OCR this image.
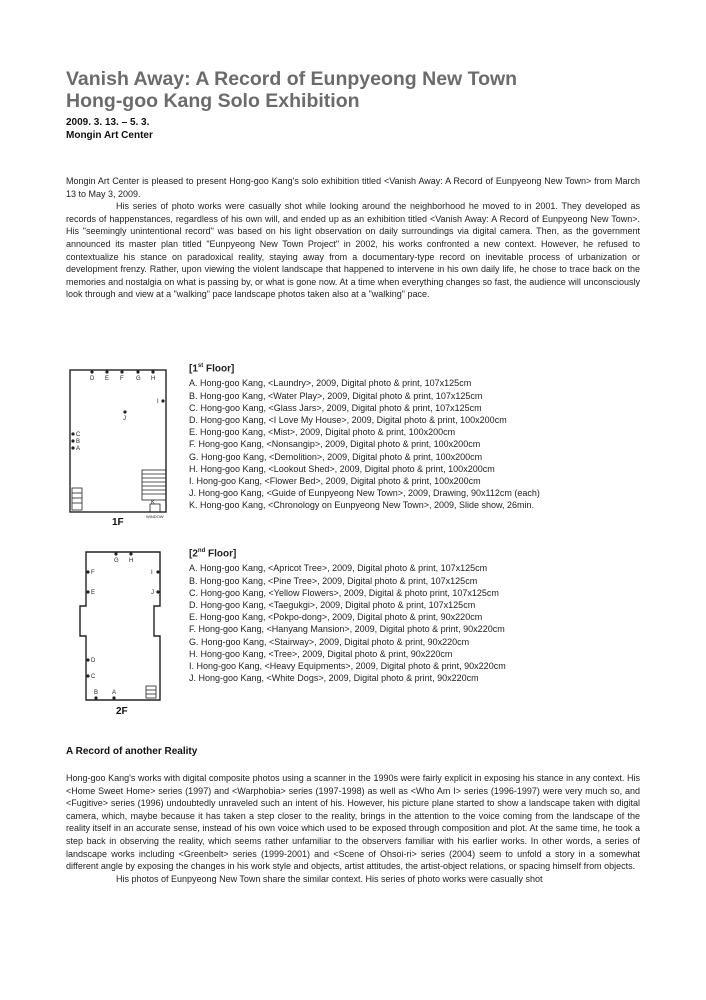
Vanish Away: A Record of Eunpyeong New Town
Hong-goo Kang Solo Exhibition
2009. 3. 13. – 5. 3.
Mongin Art Center

Mongin Art Center is pleased to present Hong-goo Kang's solo exhibition titled <Vanish Away: A Record of Eunpyeong New Town> from March 13 to May 3, 2009.

His series of photo works were casually shot while looking around the neighborhood he moved to in 2001. They developed as records of happenstances, regardless of his own will, and ended up as an exhibition titled <Vanish Away: A Record of Eunpyeong New Town>. His "seemingly unintentional record" was based on his light observation on daily surroundings via digital camera. Then, as the government announced its master plan titled "Eunpyeong New Town Project" in 2002, his works confronted a new context. However, he refused to contextualize his stance on paradoxical reality, staying away from a documentary-type record on inevitable process of urbanization or development frenzy. Rather, upon viewing the violent landscape that happened to intervene in his own daily life, he chose to trace back on the memories and nostalgia on what is passing by, or what is gone now. At a time when everything changes so fast, the audience will unconsciously look through and view at a "walking" pace landscape photos taken also at a "walking" pace.

D E F G H
I
J
C
B
A
K
WINDOW
1F
[1st Floor]
A. Hong-goo Kang, <Laundry>, 2009, Digital photo & print, 107x125cm
B. Hong-goo Kang, <Water Play>, 2009, Digital photo & print, 107x125cm
C. Hong-goo Kang, <Glass Jars>, 2009, Digital photo & print, 107x125cm
D. Hong-goo Kang, <I Love My House>, 2009, Digital photo & print, 100x200cm
E. Hong-goo Kang, <Mist>, 2009, Digital photo & print, 100x200cm
F. Hong-goo Kang, <Nonsangip>, 2009, Digital photo & print, 100x200cm
G. Hong-goo Kang, <Demolition>, 2009, Digital photo & print, 100x200cm
H. Hong-goo Kang, <Lookout Shed>, 2009, Digital photo & print, 100x200cm
I. Hong-goo Kang, <Flower Bed>, 2009, Digital photo & print, 100x200cm
J. Hong-goo Kang, <Guide of Eunpyeong New Town>, 2009, Drawing, 90x112cm (each)
K. Hong-goo Kang, <Chronology on Eunpyeong New Town>, 2009, Slide show, 26min.
G H
F	I
E	J
D
C
B A
2F
[2nd Floor]
A. Hong-goo Kang, <Apricot Tree>, 2009, Digital photo & print, 107x125cm
B. Hong-goo Kang, <Pine Tree>, 2009, Digital photo & print, 107x125cm
C. Hong-goo Kang, <Yellow Flowers>, 2009, Digital & photo print, 107x125cm
D. Hong-goo Kang, <Taegukgi>, 2009, Digital photo & print, 107x125cm
E. Hong-goo Kang, <Pokpo-dong>, 2009, Digital photo & print, 90x220cm
F. Hong-goo Kang, <Hanyang Mansion>, 2009, Digital photo & print, 90x220cm
G. Hong-goo Kang, <Stairway>, 2009, Digital photo & print, 90x220cm
H. Hong-goo Kang, <Tree>, 2009, Digital photo & print, 90x220cm
I. Hong-goo Kang, <Heavy Equipments>, 2009, Digital photo & print, 90x220cm
J. Hong-goo Kang, <White Dogs>, 2009, Digital photo & print, 90x220cm
A Record of another Reality

Hong-goo Kang's works with digital composite photos using a scanner in the 1990s were fairly explicit in exposing his stance in any context. His <Home Sweet Home> series (1997) and <Warphobia> series (1997-1998) as well as <Who Am I> series (1996-1997) were very much so, and <Fugitive> series (1996) undoubtedly unraveled such an intent of his. However, his picture plane started to show a landscape taken with digital camera, which, maybe because it has taken a step closer to the reality, brings in the attention to the voice coming from the landscape of the reality itself in an accurate sense, instead of his own voice which used to be exposed through composition and plot. At the same time, he took a step back in observing the reality, which seems rather unfamiliar to the observers familiar with his earlier works. In other words, a series of landscape works including <Greenbelt> series (1999-2001) and <Scene of Ohsoi-ri> series (2004) seem to unfold a story in a somewhat different angle by exposing the changes in his work style and objects, artist attitudes, the artist-object relations, or spacing himself from objects.

His photos of Eunpyeong New Town share the similar context. His series of photo works were casually shot
